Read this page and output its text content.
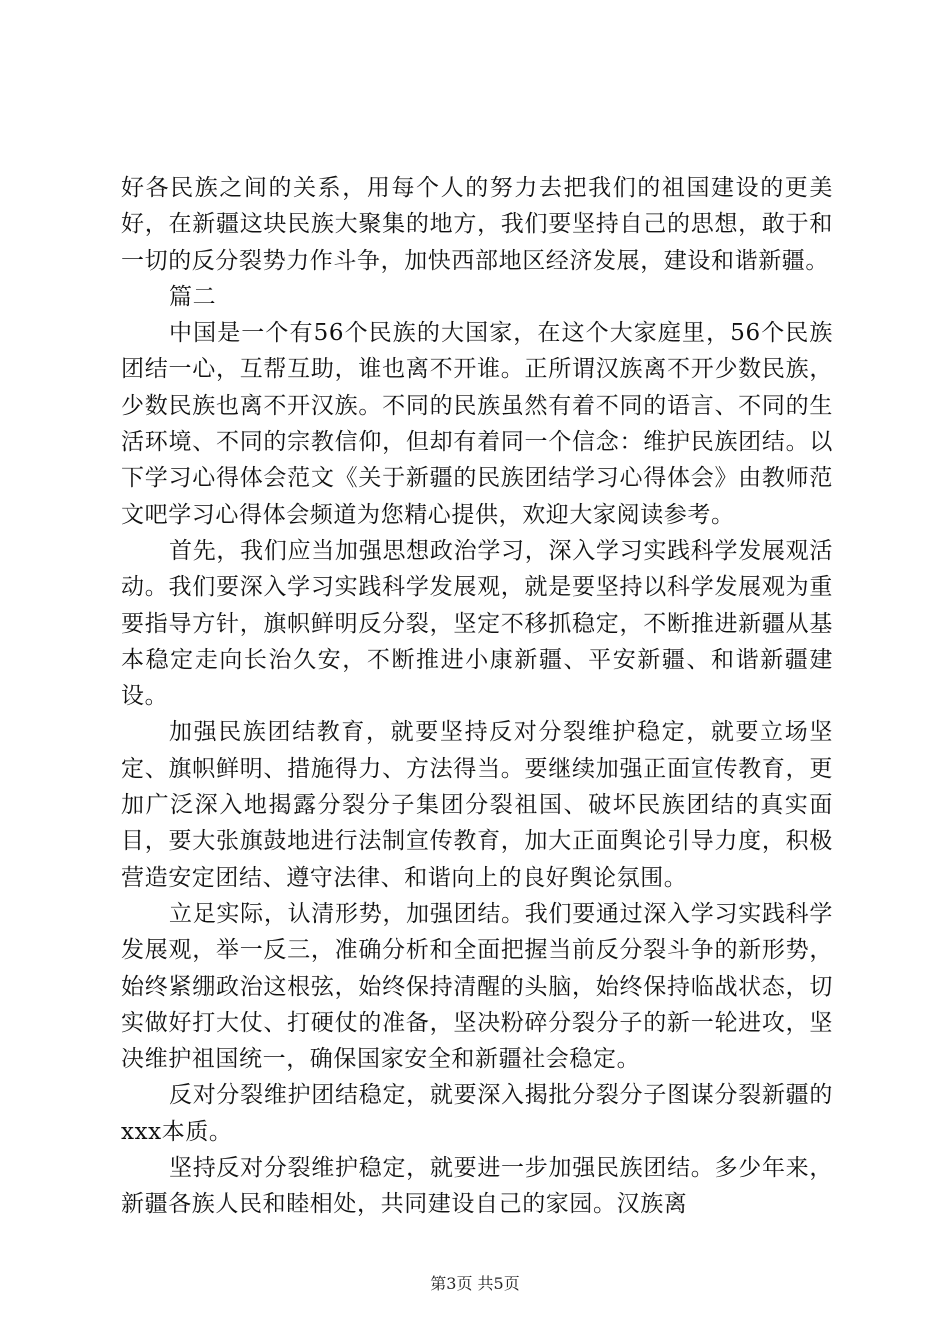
好各民族之间的关系，用每个人的努力去把我们的祖国建设的更美好，在新疆这块民族大聚集的地方，我们要坚持自己的思想，敢于和一切的反分裂势力作斗争，加快西部地区经济发展，建设和谐新疆。

篇二

中国是一个有56个民族的大国家，在这个大家庭里，56个民族团结一心，互帮互助，谁也离不开谁。正所谓汉族离不开少数民族，少数民族也离不开汉族。不同的民族虽然有着不同的语言、不同的生活环境、不同的宗教信仰，但却有着同一个信念：维护民族团结。以下学习心得体会范文《关于新疆的民族团结学习心得体会》由教师范文吧学习心得体会频道为您精心提供，欢迎大家阅读参考。

首先，我们应当加强思想政治学习，深入学习实践科学发展观活动。我们要深入学习实践科学发展观，就是要坚持以科学发展观为重要指导方针，旗帜鲜明反分裂，坚定不移抓稳定，不断推进新疆从基本稳定走向长治久安，不断推进小康新疆、平安新疆、和谐新疆建设。

加强民族团结教育，就要坚持反对分裂维护稳定，就要立场坚定、旗帜鲜明、措施得力、方法得当。要继续加强正面宣传教育，更加广泛深入地揭露分裂分子集团分裂祖国、破坏民族团结的真实面目，要大张旗鼓地进行法制宣传教育，加大正面舆论引导力度，积极营造安定团结、遵守法律、和谐向上的良好舆论氛围。

立足实际，认清形势，加强团结。我们要通过深入学习实践科学发展观，举一反三，准确分析和全面把握当前反分裂斗争的新形势，始终紧绷政治这根弦，始终保持清醒的头脑，始终保持临战状态，切实做好打大仗、打硬仗的准备，坚决粉碎分裂分子的新一轮进攻，坚决维护祖国统一，确保国家安全和新疆社会稳定。

反对分裂维护团结稳定，就要深入揭批分裂分子图谋分裂新疆的xxx本质。

坚持反对分裂维护稳定，就要进一步加强民族团结。多少年来，新疆各族人民和睦相处，共同建设自己的家园。汉族离

第3页 共5页
